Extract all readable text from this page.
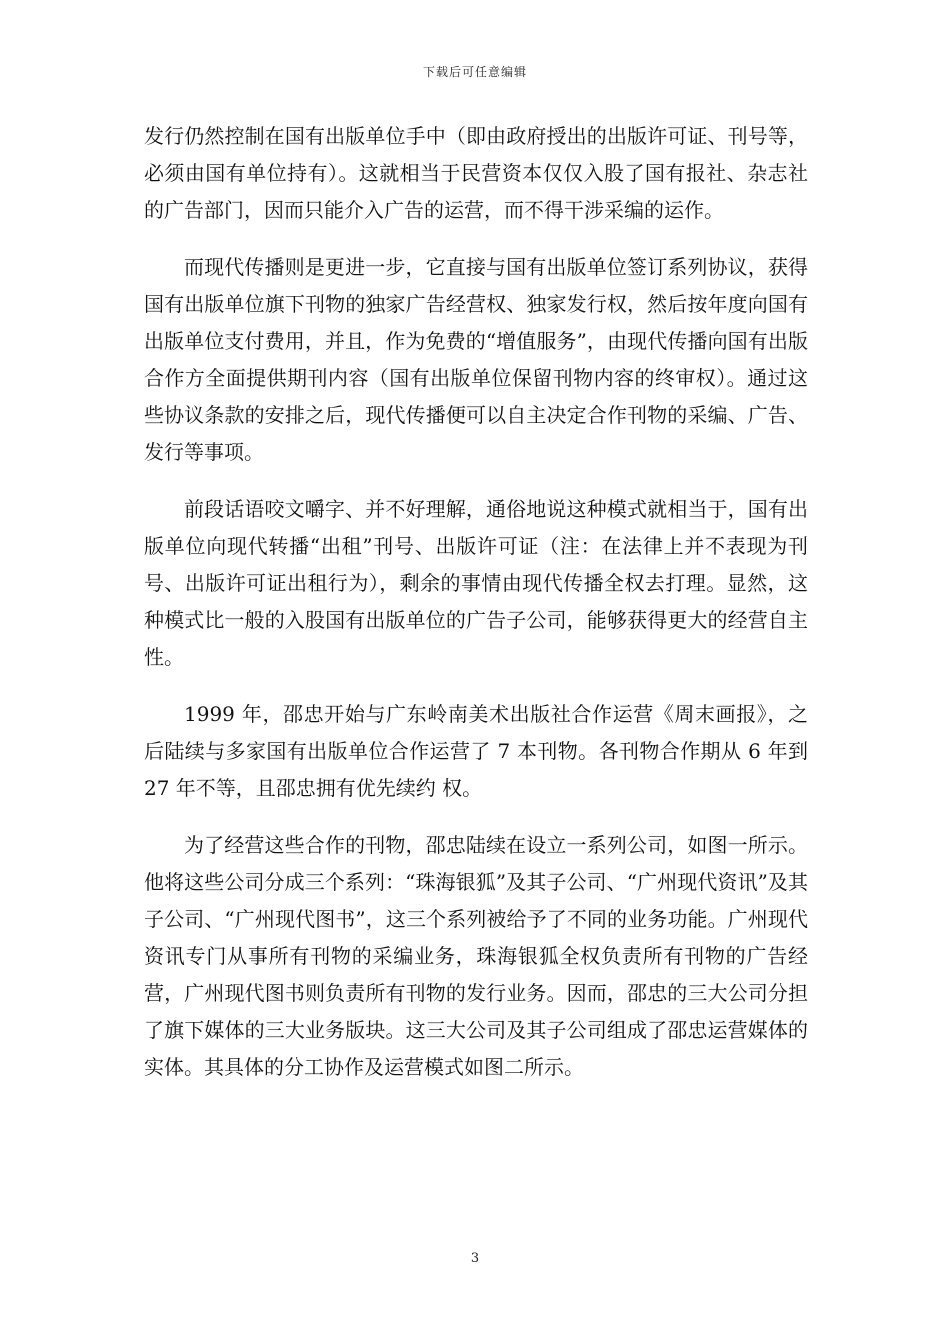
下载后可任意编辑

发行仍然控制在国有出版单位手中（即由政府授出的出版许可证、刊号等，必须由国有单位持有）。这就相当于民营资本仅仅入股了国有报社、杂志社的广告部门，因而只能介入广告的运营，而不得干涉采编的运作。

而现代传播则是更进一步，它直接与国有出版单位签订系列协议，获得国有出版单位旗下刊物的独家广告经营权、独家发行权，然后按年度向国有出版单位支付费用，并且，作为免费的“增值服务”，由现代传播向国有出版合作方全面提供期刊内容（国有出版单位保留刊物内容的终审权）。通过这些协议条款的安排之后，现代传播便可以自主决定合作刊物的采编、广告、发行等事项。

前段话语咬文嚼字、并不好理解，通俗地说这种模式就相当于，国有出版单位向现代转播“出租”刊号、出版许可证（注：在法律上并不表现为刊号、出版许可证出租行为），剩余的事情由现代传播全权去打理。显然，这种模式比一般的入股国有出版单位的广告子公司，能够获得更大的经营自主性。

1999 年，邵忠开始与广东岭南美术出版社合作运营《周末画报》，之后陆续与多家国有出版单位合作运营了 7 本刊物。各刊物合作期从 6 年到 27 年不等，且邵忠拥有优先续约 权。

为了经营这些合作的刊物，邵忠陆续在设立一系列公司，如图一所示。他将这些公司分成三个系列：“珠海银狐”及其子公司、“广州现代资讯”及其子公司、“广州现代图书”，这三个系列被给予了不同的业务功能。广州现代资讯专门从事所有刊物的采编业务，珠海银狐全权负责所有刊物的广告经营，广州现代图书则负责所有刊物的发行业务。因而，邵忠的三大公司分担了旗下媒体的三大业务版块。这三大公司及其子公司组成了邵忠运营媒体的实体。其具体的分工协作及运营模式如图二所示。

3
